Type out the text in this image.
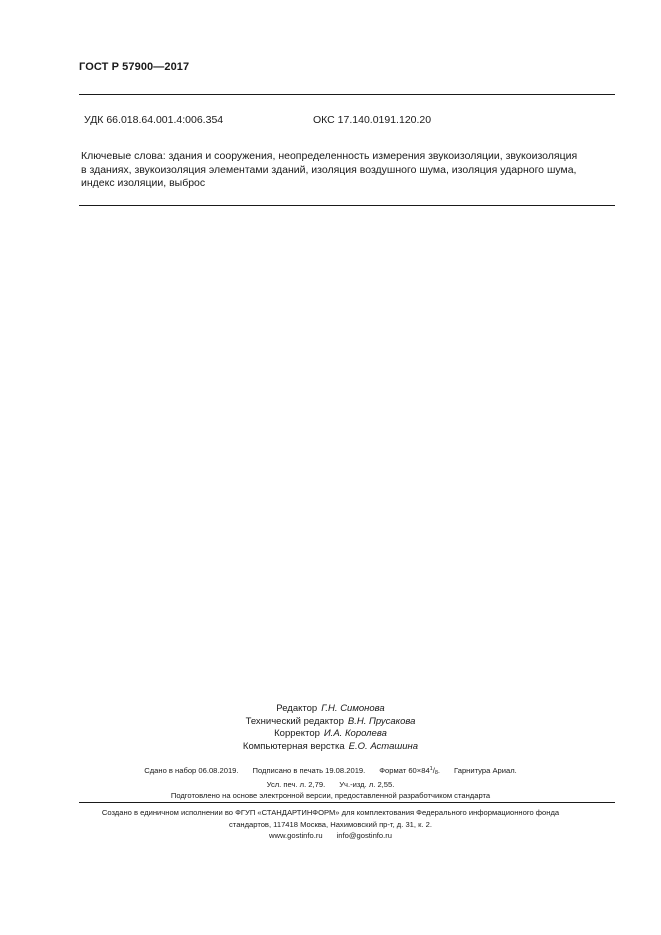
ГОСТ Р 57900—2017
УДК 66.018.64.001.4:006.354	ОКС 17.140.0191.120.20
Ключевые слова: здания и сооружения, неопределенность измерения звукоизоляции, звукоизоляция
в зданиях, звукоизоляция элементами зданий, изоляция воздушного шума, изоляция ударного шума,
индекс изоляции, выброс
Редактор Г.Н. Симонова
Технический редактор В.Н. Прусакова
Корректор И.А. Королева
Компьютерная верстка Е.О. Асташина
Сдано в набор 06.08.2019. Подписано в печать 19.08.2019. Формат $60\times 84^1/_8$. Гарнитура Ариал.
Усл. печ. л. 2,79. Уч.-изд. л. 2,55.
Подготовлено на основе электронной версии, предоставленной разработчиком стандарта
Создано в единичном исполнении во ФГУП «СТАНДАРТИНФОРМ» для комплектования Федерального информационного фонда
стандартов, 117418 Москва, Нахимовский пр-т, д. 31, к. 2.
www.gostinfo.ru info@gostinfo.ru
